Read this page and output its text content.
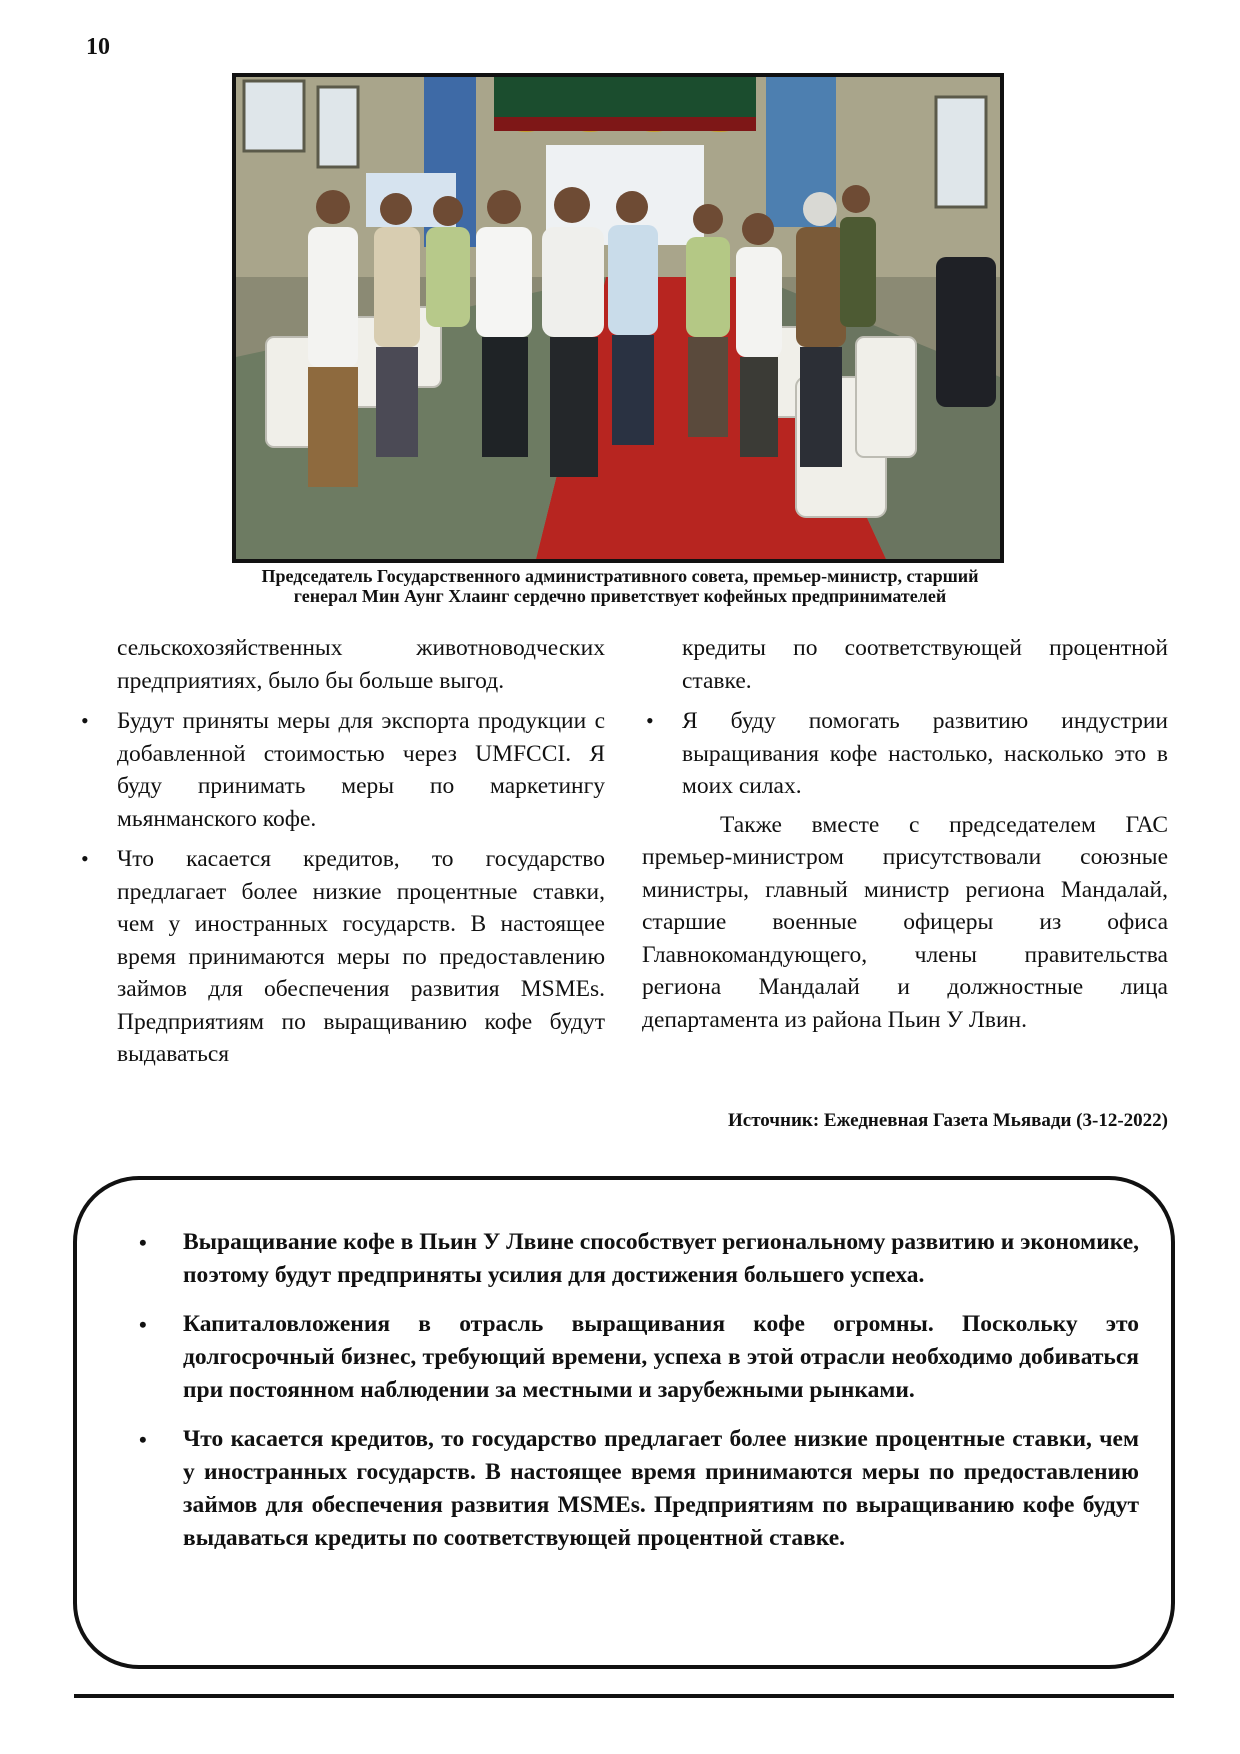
10
Председатель Государственного административного совета, премьер-министр, старший
генерал Мин Аунг Хлаинг сердечно приветствует кофейных предпринимателей

сельскохозяйственных животноводческих предприятиях, было бы больше выгод.

• Будут приняты меры для экспорта продукции с добавленной стоимостью через UMFCCI. Я буду принимать меры по маркетингу мьянманского кофе.
• Что касается кредитов, то государство предлагает более низкие процентные ставки, чем у иностранных государств. В настоящее время принимаются меры по предоставлению займов для обеспечения развития MSMEs. Предприятиям по выращиванию кофе будут выдаваться

кредиты по соответствующей процентной ставке.

• Я буду помогать развитию индустрии выращивания кофе настолько, насколько это в моих силах.

Также вместе с председателем ГАС премьер-министром присутствовали союзные министры, главный министр региона Мандалай, старшие военные офицеры из офиса Главнокомандующего, члены правительства региона Мандалай и должностные лица департамента из района Пьин У Лвин.

Источник: Ежедневная Газета Мьявади (3-12-2022)
• Выращивание кофе в Пьин У Лвине способствует региональному развитию и экономике, поэтому будут предприняты усилия для достижения большего успеха.
• Капиталовложения в отрасль выращивания кофе огромны. Поскольку это долгосрочный бизнес, требующий времени, успеха в этой отрасли необходимо добиваться при постоянном наблюдении за местными и зарубежными рынками.
• Что касается кредитов, то государство предлагает более низкие процентные ставки, чем у иностранных государств. В настоящее время принимаются меры по предоставлению займов для обеспечения развития MSMEs. Предприятиям по выращиванию кофе будут выдаваться кредиты по соответствующей процентной ставке.
